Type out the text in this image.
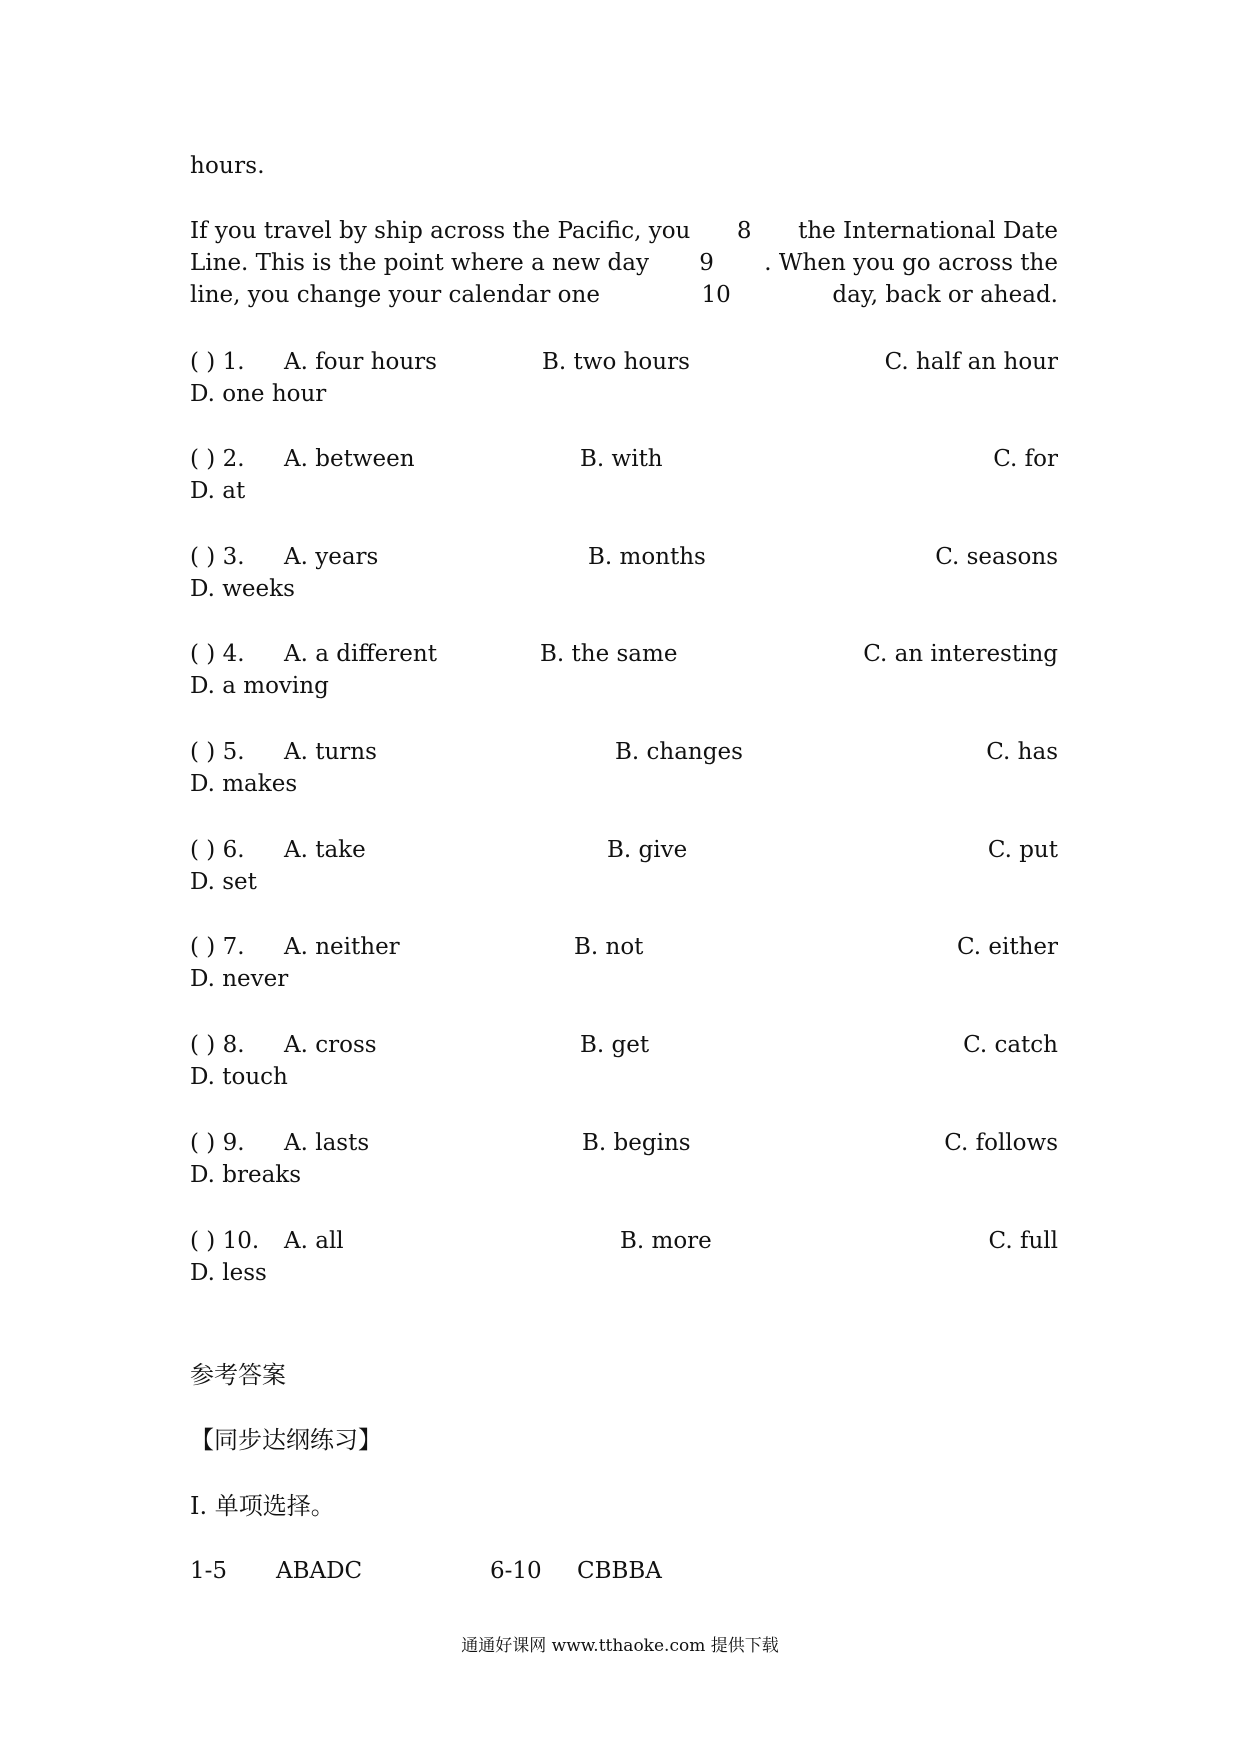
hours.
If you travel by ship across the Pacific, you	8	the International Date
Line. This is the point where a new day	9	. When you go across the
line, you change your calendar one	10	day, back or ahead.
( ) 1. A. four hours	B. two hours	C. half an hour
D. one hour
( ) 2. A. between	B. with	C. for
D. at
( ) 3. A. years	B. months	C. seasons
D. weeks
( ) 4. A. a different	B. the same	C. an interesting
D. a moving
( ) 5. A. turns	B. changes	C. has
D. makes
( ) 6. A. take	B. give	C. put
D. set
( ) 7. A. neither	B. not	C. either
D. never
( ) 8. A. cross	B. get	C. catch
D. touch
( ) 9. A. lasts	B. begins	C. follows
D. breaks
( ) 10. A. all	B. more	C. full
D. less
参考答案
【同步达纲练习】
Ⅰ. 单项选择。
1-5 ABADC	6-10 CBBBA
通通好课网 www.tthaoke.com 提供下载
